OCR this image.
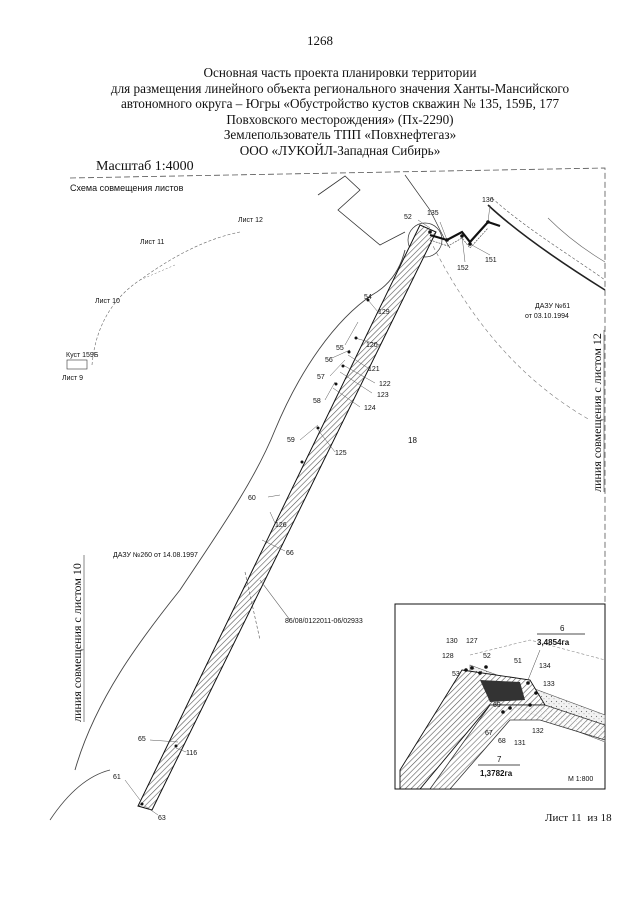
1268
Основная часть проекта планировки территории
для размещения линейного объекта регионального значения Ханты-Мансийского
автономного округа – Югры «Обустройство кустов скважин № 135, 159Б, 177
Повховского месторождения» (Пх-2290)
Землепользователь ТПП «Повхнефтегаз»
ООО «ЛУКОЙЛ-Западная Сибирь»
Масштаб 1:4000
Схема совмещения листов
Лист 12
Лист 11
Лист 10
Куст 159Б
Лист 9
52
135
136
152
151
54
129
55	120
56
121
57
122
123
58
124
18
59
125
60
126
66
65
116
61
63
ДАЗУ №61
от 03.10.1994
ДАЗУ №260 от 14.08.1997
86/08/0122011-06/02933
линия совмещения с листом 12
линия совмещения с листом 10	130 127
128	52
53
51
134
133
69
132
67
68 131
6
3,4854га
7
1,3782га
М 1:800
Лист 11 из 18
